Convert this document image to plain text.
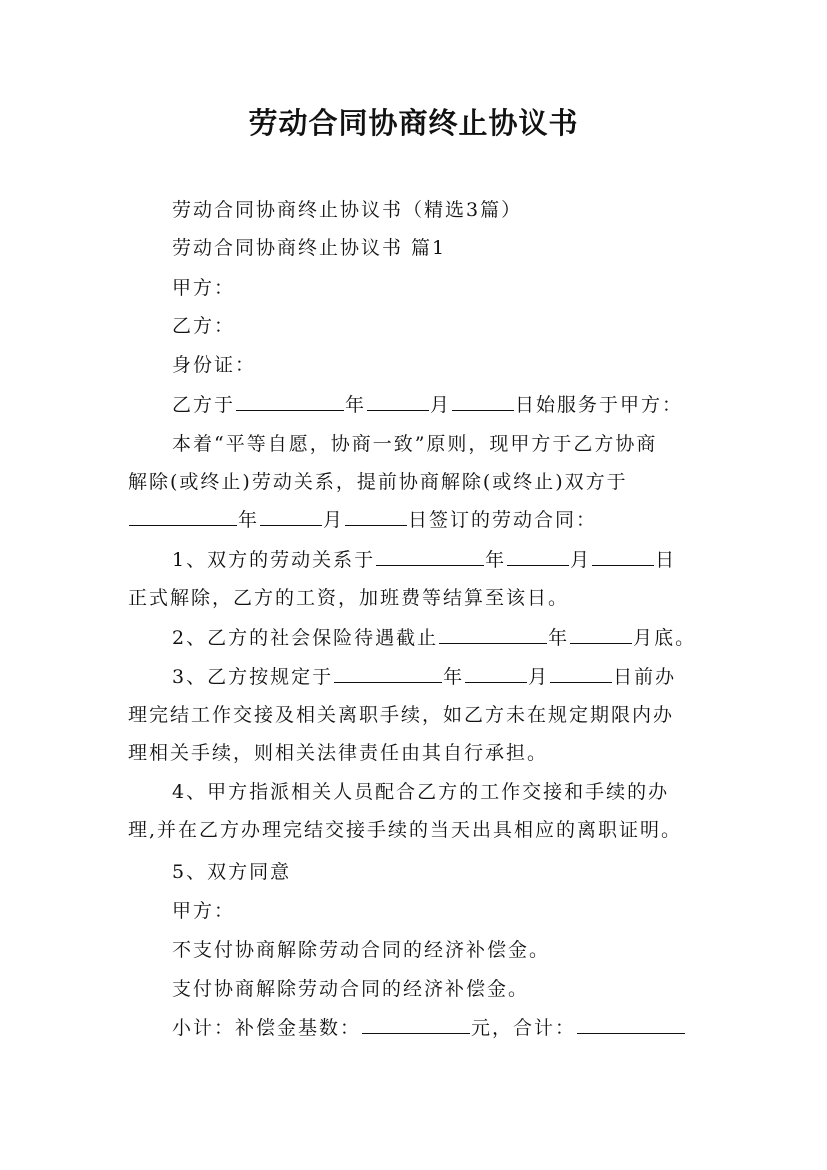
劳动合同协商终止协议书
劳动合同协商终止协议书（精选3篇）
劳动合同协商终止协议书 篇1
甲方：
乙方：
身份证：
乙方于	年	月	日始服务于甲方：
本着“平等自愿，协商一致”原则，现甲方于乙方协商
解除(或终止)劳动关系，提前协商解除(或终止)双方于
年	月	日签订的劳动合同：
1、双方的劳动关系于	年	月	日
正式解除，乙方的工资，加班费等结算至该日。
2、乙方的社会保险待遇截止	年	月底。
3、乙方按规定于	年	月	日前办
理完结工作交接及相关离职手续，如乙方未在规定期限内办
理相关手续，则相关法律责任由其自行承担。
4、甲方指派相关人员配合乙方的工作交接和手续的办
理,并在乙方办理完结交接手续的当天出具相应的离职证明。
5、双方同意
甲方：
不支付协商解除劳动合同的经济补偿金。
支付协商解除劳动合同的经济补偿金。
小计：补偿金基数：	元，合计：
